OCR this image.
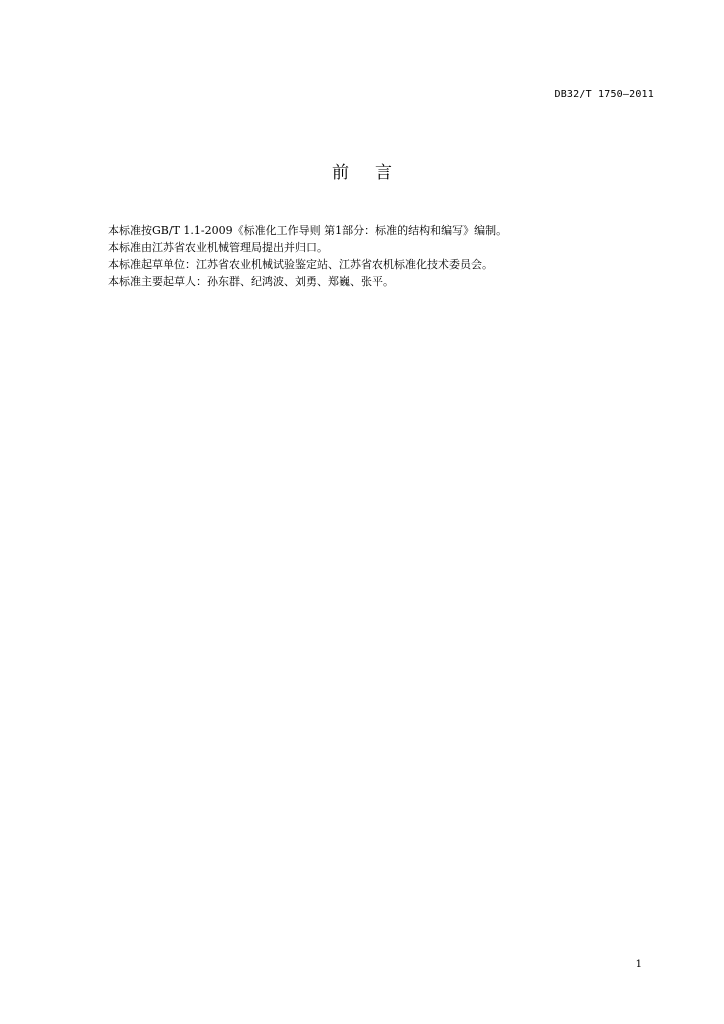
DB32/T 1750—2011
前言

本标准按GB/T 1.1-2009《标准化工作导则 第1部分：标准的结构和编写》编制。

本标准由江苏省农业机械管理局提出并归口。

本标准起草单位：江苏省农业机械试验鉴定站、江苏省农机标准化技术委员会。

本标准主要起草人：孙东群、纪鸿波、刘勇、郑巍、张平。

1
